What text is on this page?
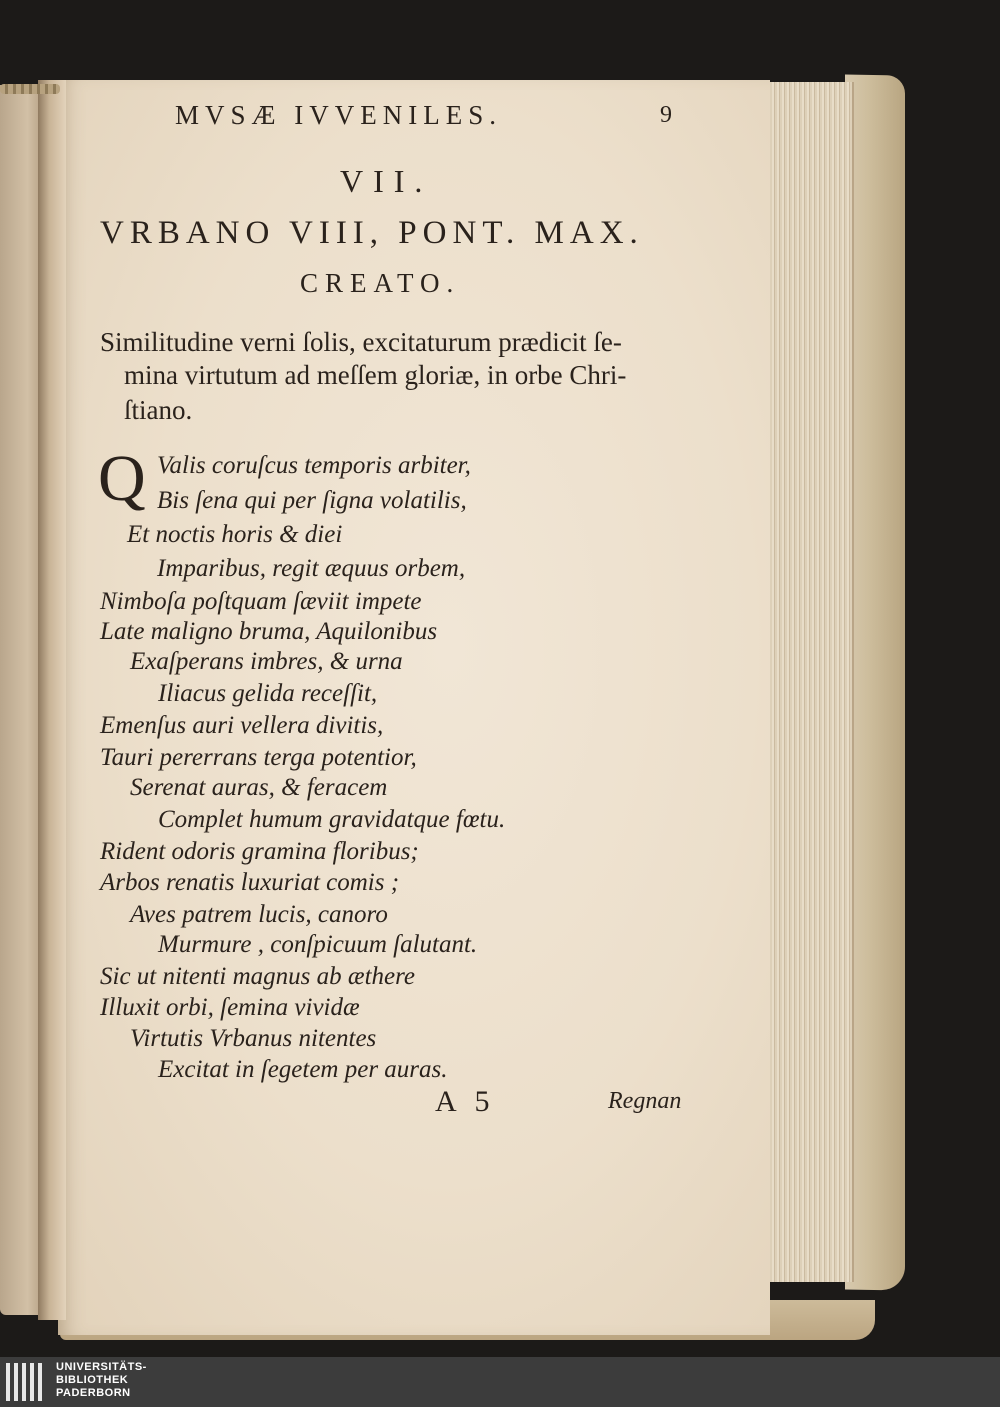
MVSÆ IVVENILES.	9
VII.
VRBANO VIII, PONT. MAX.
CREATO.
Similitudine verni ſolis, excitaturum prædicit ſe-
mina virtutum ad meſſem gloriæ, in orbe Chri-
ſtiano.
Q Valis coruſcus temporis arbiter,
Bis ſena qui per ſigna volatilis,
Et noctis horis & diei
Imparibus, regit æquus orbem,
Nimboſa poſtquam ſæviit impete
Late maligno bruma, Aquilonibus
Exaſperans imbres, & urna
Iliacus gelida receſſit,
Emenſus auri vellera divitis,
Tauri pererrans terga potentior,
Serenat auras, & feracem
Complet humum gravidatque fœtu.
Rident odoris gramina floribus;
Arbos renatis luxuriat comis ;
Aves patrem lucis, canoro
Murmure , conſpicuum ſalutant.
Sic ut nitenti magnus ab æthere
Illuxit orbi, ſemina vividæ
Virtutis Vrbanus nitentes
Excitat in ſegetem per auras.
A 5	Regnan
UNIVERSITÄTS-
BIBLIOTHEK
PADERBORN
